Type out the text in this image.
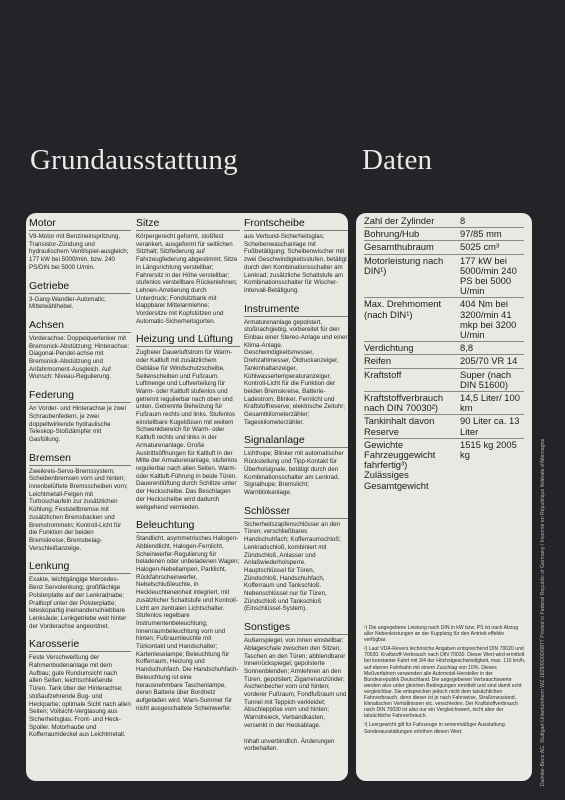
Grundausstattung	Daten
Motor

V8-Motor mit Benzineinspritzung, Transistor-Zündung und hydraulischem Ventilspiel-ausgleich; 177 kW bei 5000/min. bzw. 240 PS/DIN bei 5000 U/min.

Getriebe

3-Gang-Wandler-Automatic; Mittelwählhebel.

Achsen

Vorderachse: Doppelquerlenker mit Bremsnick-Abstützung; Hinterachse: Diagonal-Pendel-achse mit Bremsnick-Abstützung und Anfahrmoment-Ausgleich. Auf Wunsch: Niveau-Regulierung.

Federung

An Vorder- und Hinterachse je zwei Schraubenfedern, je zwei doppeltwirkende hydraulische Teleskop-Stoßdämpfer mit Gasfüllung.

Bremsen

Zweikreis-Servo-Bremssystem; Scheibenbremsen vorn und hinten; innenbelüftete Bremsscheiben vorn; Leichtmetall-Felgen mit Turboschaufeln zur zusätzlichen Kühlung; Feststellbremse mit zusätzlichen Bremsbacken und Bremstrommeln; Kontroll-Licht für die Funktion der beiden Bremskreise; Bremsbelag-Verschleißanzeige.

Lenkung

Exakte, leichtgängige Mercedes-Benz Servolenkung; großflächige Polsterplatte auf der Lenkradnabe; Pralltopf unter der Polsterplatte; teleskopartig ineinanderschiebbare Lenksäule; Lenkgetriebe weit hinter der Vorderachse angeordnet.

Karosserie

Feste Verschweißung der Rahmenbodenanlage mit dem Aufbau; gute Rundumsicht nach allen Seiten; leichtschließende Türen. Tank über der Hinterachse; stoßaufzehrende Bug- und Heckpartie; optimale Sicht nach allen Seiten; Vollsicht-Verglasung aus Sicherheitsglas. Front- und Heck-Spoiler. Motorhaube und Kofferraumdeckel aus Leichtmetall.

Sitze

Körpergerecht geformt, stoßfest verankert, ausgeformt für seitlichen Sitzhalt; Sitzfederung auf Fahrzeugfederung abgestimmt; Sitze in Längsrichtung verstellbar; Fahrersitz in der Höhe verstellbar; stufenlos verstellbare Rückenlehnen; Lehnen-Arretierung durch Unterdruck; Fondsitzbank mit klappbarer Mittelarmlehne; Vordersitze mit Kopfstützen und Automatic-Sicherheitsgurten.

Heizung und Lüftung

Zugfreier Dauerluftstrom für Warm- oder Kaltluft mit zusätzlichem Gebläse für Windschutzscheibe, Seitenscheiben und Fußraum. Luftmenge und Luftverteilung für Warm- oder Kaltluft stufenlos und getrennt regulierbar nach oben und unten. Getrennte Beheizung für Fußraum rechts und links. Stufenlos einstellbare Kugeldüsen mit weitem Schwenkbereich für Warm- oder Kaltluft rechts und links in der Armaturenanlage. Große Austrittsöffnungen für Kaltluft in der Mitte der Armaturenanlage, stufenlos regulierbar nach allen Seiten. Warm- oder Kaltluft-Führung in beide Türen. Dauerentlüftung durch Schlitze unter der Heckscheibe. Das Beschlagen der Heckscheibe wird dadurch weitgehend vermieden.

Beleuchtung

Standlicht, asymmetrisches Halogen-Abblendlicht, Halogen-Fernlicht, Scheinwerfer-Regulierung für beladenen oder unbeladenen Wagen; Halogen-Nebellampen, Parklicht, Rückfahrscheinwerfer, Nebelschlußleuchte, in Heckleuchteneinheit integriert, mit zusätzlicher Schaltstufe und Kontroll-Licht am zentralen Lichtschalter. Stufenlos regelbare Instrumentenbeleuchtung; Innenraumbeleuchtung vorn und hinten; Fußraumleuchte mit Türkontakt und Handschalter; Kartenleselampe; Beleuchtung für Kofferraum, Heizung und Handschuhfach. Die Handschuhfach-Beleuchtung ist eine herausnehmbare Taschenlampe, deren Batterie über Bordnetz aufgeladen wird. Warn-Summer für nicht ausgeschaltete Scheinwerfer.

Frontscheibe

aus Verbund-Sicherheitsglas; Scheibenwaschanlage mit Fußbetätigung; Scheibenwischer mit zwei Geschwindigkeitsstufen, betätigt durch den Kombinationsschalter am Lenkrad; zusätzliche Schaltstufe am Kombinationsschalter für Wischer-Intervall-Betätigung.

Instrumente

Armaturenanlage gepolstert, stoßnachgiebig, vorbereitet für den Einbau einer Stereo-Anlage und einer Klima-Anlage. Geschwindigkeitsmesser, Drehzahlmesser, Öldruckanzeiger, Tankinhaltanzeiger, Kühlwassertemperaturanzeiger, Kontroll-Licht für die Funktion der beiden Bremskreise, Batterie-Ladestrom, Blinker, Fernlicht und Kraftstoffreserve; elektrische Zeituhr; Gesamtkilometerzähler; Tageskilometerzähler.

Signalanlage

Lichthupe; Blinker mit automatischer Rückstellung und Tipp-Kontakt für Überholsignale, betätigt durch den Kombinationsschalter am Lenkrad. Signalhupe; Bremslicht; Warnblinkanlage.

Schlösser

Sicherheitszapfenschlösser an den Türen; verschließbares Handschuhfach; Kofferraumschloß; Lenkradschloß, kombiniert mit Zündschloß, Anlasser und Anlaßwiederholsperre. Hauptschlüssel für Türen, Zündschloß, Handschuhfach, Kofferraum und Tankschloß. Nebenschlüssel nur für Türen, Zündschloß und Tankschloß (Einschlüssel-System).

Sonstiges

Außenspiegel, von innen einstellbar; Ablageschale zwischen den Sitzen; Taschen an den Türen; abblendbarer Innenrückspiegel; gepolsterte Sonnenblenden; Armlehnen an den Türen, gepolstert; Zigarrenanzünder; Aschenbecher vorn und hinten; vorderer Fußraum, Fondfußraum und Tunnel mit Teppich verkleidet; Abschleppöse vorn und hinten; Warndreieck, Verbandkasten, versenkt in der Heckablage.

Inhalt unverbindlich. Änderungen vorbehalten.

Zahl der Zylinder	8
Bohrung/Hub	97/85 mm
Gesamthubraum	5025 cm³
Motorleistung nach DIN¹)	177 kW bei 5000/min 240 PS bei 5000 U/min
Max. Drehmoment (nach DIN¹)	404 Nm bei 3200/min 41 mkp bei 3200 U/min
Verdichtung	8,8
Reifen	205/70 VR 14
Kraftstoff	Super (nach DIN 51600)
Kraftstoffverbrauch nach DIN 70030²)	14,5 Liter/ 100 km
Tankinhalt davon Reserve	90 Liter ca. 13 Liter
Gewichte Fahrzeuggewicht fahrfertig³) Zulässiges Gesamtgewicht	1515 kg 2005 kg

¹) Die angegebene Leistung nach DIN in kW bzw. PS ist nach Abzug aller Nebenleistungen an der Kupplung für den Antrieb effektiv verfügbar.

²) Laut VDA-Revers technische Angaben entsprechend DIN 70020 und 70030. Kraftstoff-Verbrauch nach DIN 70030. Dieser Wert wird ermittelt bei konstanter Fahrt mit 3/4 der Höchstgeschwindigkeit, max. 110 km/h, auf ebener Fahrbahn mit einem Zuschlag von 10%. Dieses Meßverfahren verwenden alle Automobil-Hersteller in der Bundesrepublik Deutschland. Die angegebenen Verbrauchswerte werden also unter gleichen Bedingungen ermittelt und sind damit echt vergleichbar. Sie entsprechen jedoch nicht dem tatsächlichen Fahrverbrauch, denn dieser ist je nach Fahrweise, Straßenzustand, klimatischen Verhältnissen etc. verschieden. Der Kraftstoffverbrauch nach DIN 70030 ist also nur ein Vergleichswert, nicht aber der tatsächliche Fahrverbrauch.

³) Leergewicht gilt für Fahrzeuge in serienmäßiger Ausstattung. Sonderausstattungen erhöhen diesen Wert.	Daimler-Benz AG, Stuttgart-Untertürkheim WZ 1829/00/00/0877 Printed in Federal Republic of Germany / Imprimé en République fédérale d'Allemagne
